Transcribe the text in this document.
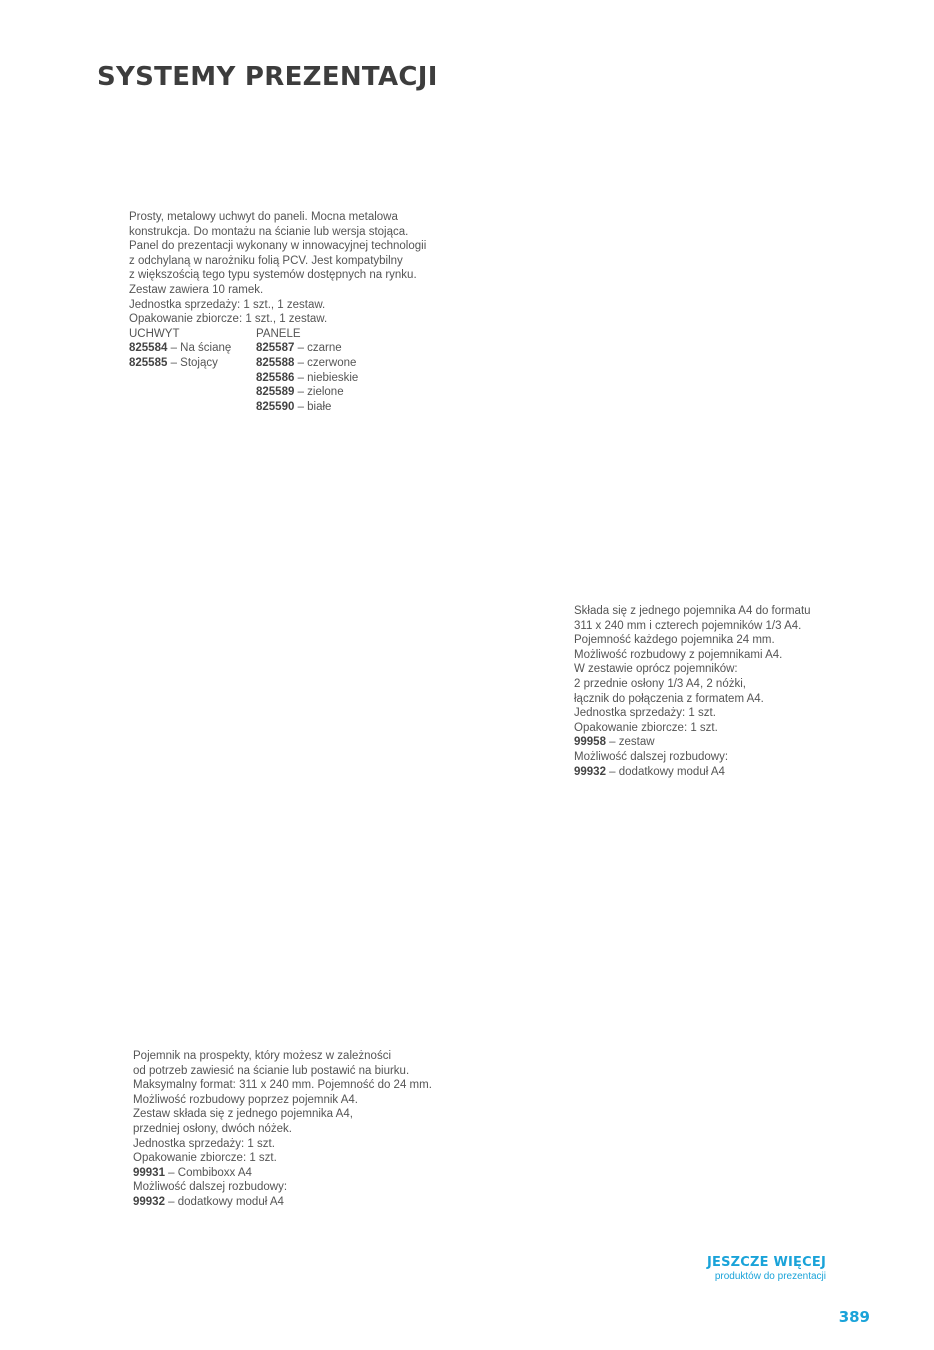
SYSTEMY PREZENTACJI
Prosty, metalowy uchwyt do paneli. Mocna metalowa
konstrukcja. Do montażu na ścianie lub wersja stojąca.
Panel do prezentacji wykonany w innowacyjnej technologii
z odchylaną w narożniku folią PCV. Jest kompatybilny
z większością tego typu systemów dostępnych na rynku.
Zestaw zawiera 10 ramek.
Jednostka sprzedaży: 1 szt., 1 zestaw.
Opakowanie zbiorcze: 1 szt., 1 zestaw.
UCHWYT
825584 – Na ścianę
825585 – Stojący
PANELE
825587 – czarne
825588 – czerwone
825586 – niebieskie
825589 – zielone
825590 – białe
Składa się z jednego pojemnika A4 do formatu
311 x 240 mm i czterech pojemników 1/3 A4.
Pojemność każdego pojemnika 24 mm.
Możliwość rozbudowy z pojemnikami A4.
W zestawie oprócz pojemników:
2 przednie osłony 1/3 A4, 2 nóżki,
łącznik do połączenia z formatem A4.
Jednostka sprzedaży: 1 szt.
Opakowanie zbiorcze: 1 szt.
99958 – zestaw
Możliwość dalszej rozbudowy:
99932 – dodatkowy moduł A4
Pojemnik na prospekty, który możesz w zależności
od potrzeb zawiesić na ścianie lub postawić na biurku.
Maksymalny format: 311 x 240 mm. Pojemność do 24 mm.
Możliwość rozbudowy poprzez pojemnik A4.
Zestaw składa się z jednego pojemnika A4,
przedniej osłony, dwóch nóżek.
Jednostka sprzedaży: 1 szt.
Opakowanie zbiorcze: 1 szt.
99931 – Combiboxx A4
Możliwość dalszej rozbudowy:
99932 – dodatkowy moduł A4
JESZCZE WIĘCEJ
produktów do prezentacji
389
